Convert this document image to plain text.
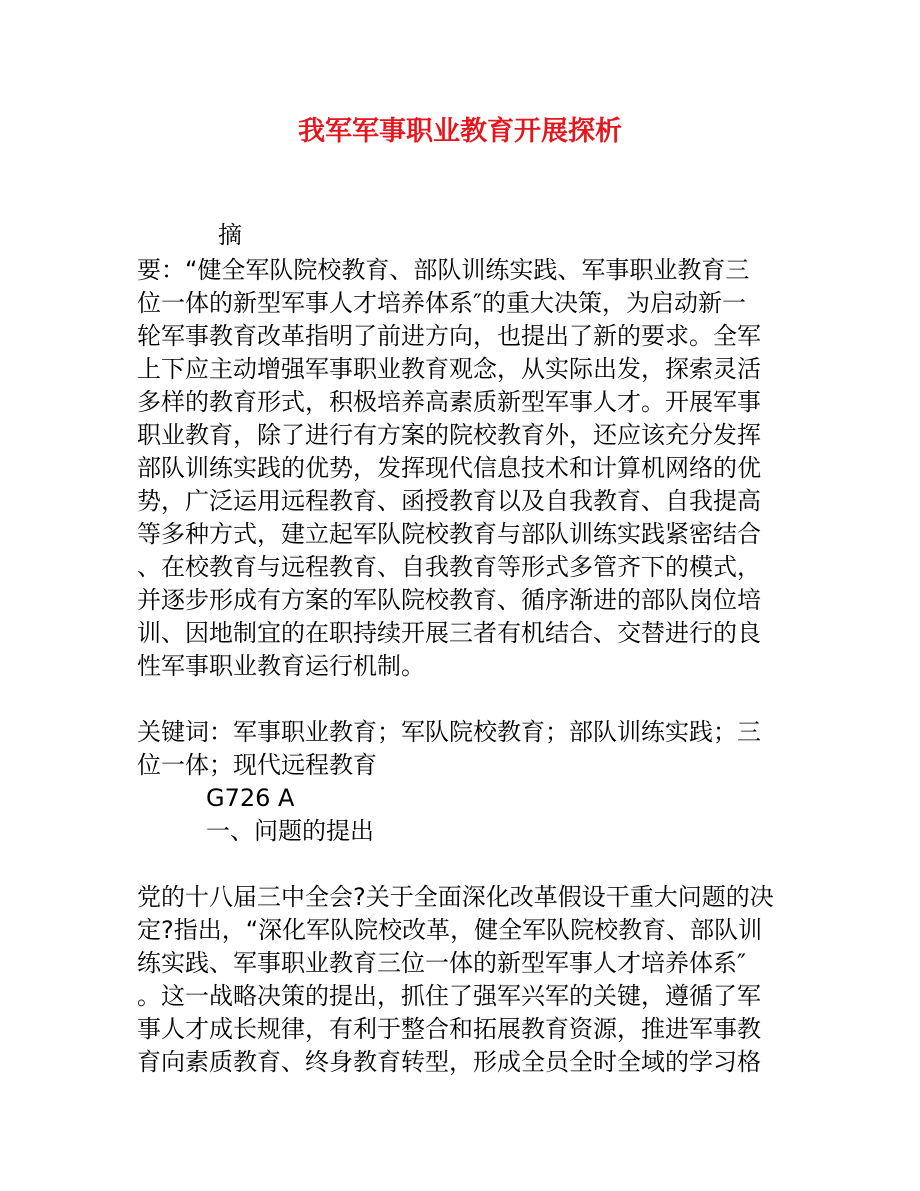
我军军事职业教育开展探析

摘

要：“健全军队院校教育、部队训练实践、军事职业教育三

位一体的新型军事人才培养体系″的重大决策，为启动新一

轮军事教育改革指明了前进方向，也提出了新的要求。全军

上下应主动增强军事职业教育观念，从实际出发，探索灵活

多样的教育形式，积极培养高素质新型军事人才。开展军事

职业教育，除了进行有方案的院校教育外，还应该充分发挥

部队训练实践的优势，发挥现代信息技术和计算机网络的优

势，广泛运用远程教育、函授教育以及自我教育、自我提高

等多种方式，建立起军队院校教育与部队训练实践紧密结合

、在校教育与远程教育、自我教育等形式多管齐下的模式，

并逐步形成有方案的军队院校教育、循序渐进的部队岗位培

训、因地制宜的在职持续开展三者有机结合、交替进行的良

性军事职业教育运行机制。

关键词：军事职业教育；军队院校教育；部队训练实践；三

位一体；现代远程教育

G726 A

一、问题的提出

党的十八届三中全会?关于全面深化改革假设干重大问题的决

定?指出，“深化军队院校改革，健全军队院校教育、部队训

练实践、军事职业教育三位一体的新型军事人才培养体系″

。这一战略决策的提出，抓住了强军兴军的关键，遵循了军

事人才成长规律，有利于整合和拓展教育资源，推进军事教

育向素质教育、终身教育转型，形成全员全时全域的学习格
